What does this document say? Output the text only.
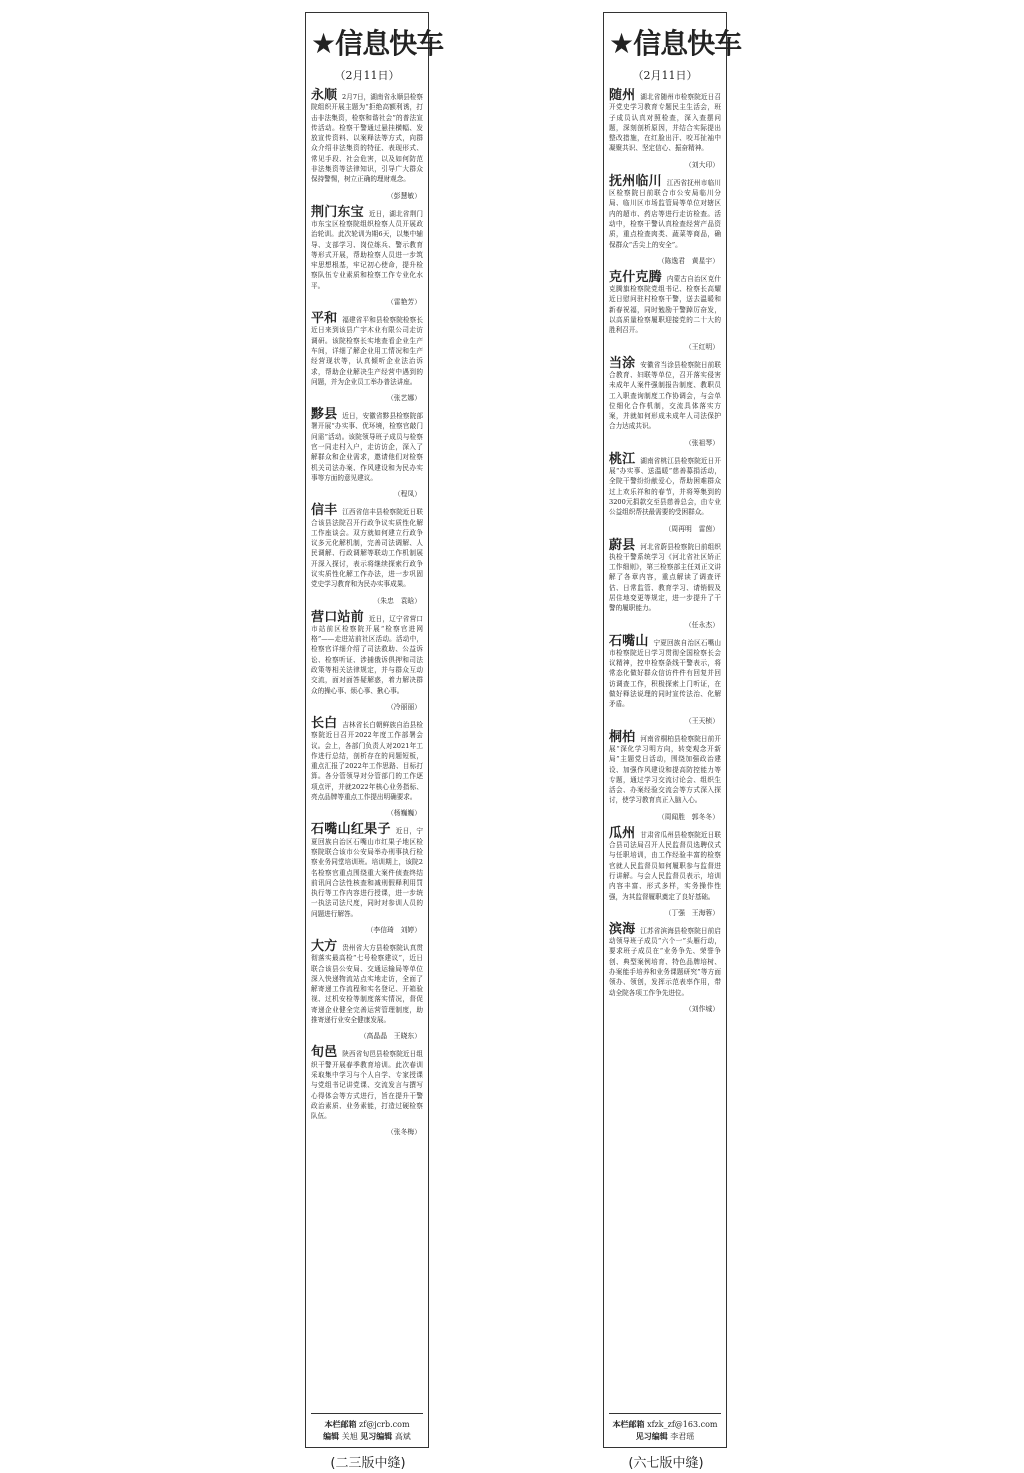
★信息快车
（2月11日）

永顺 2月7日，湖南省永顺县检察院组织开展主题为“拒绝高额利诱，打击非法集资，检察和谐社会”的普法宣传活动。检察干警通过悬挂横幅、发放宣传资料、以案释法等方式，向群众介绍非法集资的特征、表现形式、常见手段、社会危害，以及如何防范非法集资等法律知识，引导广大群众保持警惕，树立正确的理财观念。

（彭慧敏）

荆门东宝 近日，湖北省荆门市东宝区检察院组织检察人员开展政治轮训。此次轮训为期6天，以集中辅导、支部学习、岗位练兵、警示教育等形式开展，帮助检察人员进一步筑牢思想根基，牢记初心使命，提升检察队伍专业素质和检察工作专业化水平。

（雷艳芳）

平和 福建省平和县检察院检察长近日来到该县广宇木业有限公司走访调研。该院检察长实地查看企业生产车间，详细了解企业用工情况和生产经营现状等，认真倾听企业法治诉求，帮助企业解决生产经营中遇到的问题，并为企业员工举办普法讲座。

（张艺娜）

黟县 近日，安徽省黟县检察院部署开展“办实事、优环境，检察官敲门问需”活动。该院领导班子成员与检察官一同走村入户，走访访企，深入了解群众和企业需求，邀请他们对检察机关司法办案、作风建设和为民办实事等方面的意见建议。

（程凤）

信丰 江西省信丰县检察院近日联合该县法院召开行政争议实质性化解工作座谈会。双方就如何建立行政争议多元化解机制，完善司法调解、人民调解、行政调解等联动工作机制展开深入探讨，表示将继续探索行政争议实质性化解工作办法，进一步巩固党史学习教育和为民办实事成果。

（朱忠　袁晗）

营口站前 近日，辽宁省营口市站前区检察院开展“检察官进网格”——走进站前社区活动。活动中，检察官详细介绍了司法救助、公益诉讼、检察听证、涉捕俄诉俱押和司法政策等相关法律规定，并与群众互动交流，面对面答疑解惑，着力解决群众的操心事、烦心事、揪心事。

（冷丽丽）

长白 吉林省长白朝鲜族自治县检察院近日召开2022年度工作部署会议。会上，各部门负责人对2021年工作进行总结，剖析存在的问题短板，重点汇报了2022年工作思路、目标打算。各分管领导对分管部门的工作逐项点评，并就2022年核心业务指标、亮点品牌等重点工作提出明确要求。

（杨巍巍）

石嘴山红果子 近日，宁夏回族自治区石嘴山市红果子地区检察院联合该市公安局举办刑事执行检察业务同堂培训班。培训期上，该院2名检察官重点围绕重大案件侦查终结前讯问合法性核查和减刑假释利用罚执行等工作内容进行授课，进一步统一执法司法尺度，同时对参训人员的问题进行解答。

（李信琦　刘婷）

大方 贵州省大方县检察院认真贯彻落实最高检“七号检察建议”，近日联合该县公安局、交通运输局等单位深入快递物流站点实地走访，全面了解寄递工作流程和实名登记、开箱验视、过机安检等制度落实情况，督促寄递企业健全完善运营管理制度，助推寄递行业安全健康发展。

（高晶晶　王晓东）

旬邑 陕西省旬邑县检察院近日组织干警开展春季教育培训。此次春训采取集中学习与个人自学、专家授课与党组书记讲党课、交流发言与撰写心得体会等方式进行，旨在提升干警政治素质、业务素能，打造过硬检察队伍。

（张冬梅）
本栏邮箱 zf@jcrb.com
编辑 关旭 见习编辑 高斌
(二三版中缝)
★信息快车
（2月11日）

随州 湖北省随州市检察院近日召开党史学习教育专题民主生活会，班子成员认真对照检查，深入查摆问题，深刻剖析原因，并结合实际提出整改措施，在红脸出汗、咬耳扯袖中凝聚共识、坚定信心、振奋精神。

（刘大印）

抚州临川 江西省抚州市临川区检察院日前联合市公安局临川分局、临川区市场监管局等单位对辖区内的超市、药店等进行走访检查。活动中，检察干警认真检查经营产品资质，重点检查肉类、蔬菜等商品，确保群众“舌尖上的安全”。

（陈逸君　黄星宇）

克什克腾 内蒙古自治区克什克腾旗检察院党组书记、检察长高耀近日慰问驻村检察干警，送去温暖和新春祝福，同时勉励干警踔厉奋发，以高质量检察履职迎接党的二十大的胜利召开。

（王红明）

当涂 安徽省当涂县检察院日前联合教育、妇联等单位，召开落实侵害未成年人案件强制报告制度、教职员工入职查询制度工作协调会，与会单位细化合作机制，交流具体落实方案，并就如何形成未成年人司法保护合力达成共识。

（张祖琴）

桃江 湖南省桃江县检察院近日开展“办实事、送温暖”慈善募捐活动，全院干警纷纷献爱心，帮助困难群众过上欢乐祥和的春节，并将筹集到的3200元捐款交至县慈善总会，由专业公益组织帮扶最需要的受困群众。

（周再明　雷茵）

蔚县 河北省蔚县检察院日前组织执检干警系统学习《河北省社区矫正工作细则》，第三检察部主任刘正文讲解了各章内容，重点解读了调查评估、日常监管、教育学习、请销假及居住地变更等规定，进一步提升了干警的履职能力。

（任永杰）

石嘴山 宁夏回族自治区石嘴山市检察院近日学习贯彻全国检察长会议精神，控申检察条线干警表示，将常态化做好群众信访件件有回复并回访调查工作，积极探索上门听证，在做好释法说理的同时宣传法治、化解矛盾。

（王天桢）

桐柏 河南省桐柏县检察院日前开展“深化学习明方向，转变观念开新局”主题党日活动，围绕加强政治建设、加强作风建设和提高防控能力等专题，通过学习交流讨论会、组织生活会、办案经验交流会等方式深入探讨，使学习教育真正入脑入心。

（周闻胜　郭冬冬）

瓜州 甘肃省瓜州县检察院近日联合县司法局召开人民监督员选聘仪式与任职培训，由工作经验丰富的检察官就人民监督员如何履职参与监督进行讲解。与会人民监督员表示，培训内容丰富、形式多样，实务操作性强，为其监督履职奠定了良好基础。

（丁强　王海蓉）

滨海 江苏省滨海县检察院日前启动领导班子成员“六个一”头雁行动，要求班子成员在“业务争先、荣誉争创、典型案例培育、特色品牌培树、办案能手培养和业务课题研究”等方面领办、领创，发挥示范表率作用，带动全院各项工作争先进位。

（刘作城）
本栏邮箱 xfzk_zf@163.com
见习编辑 李君瑶
(六七版中缝)
